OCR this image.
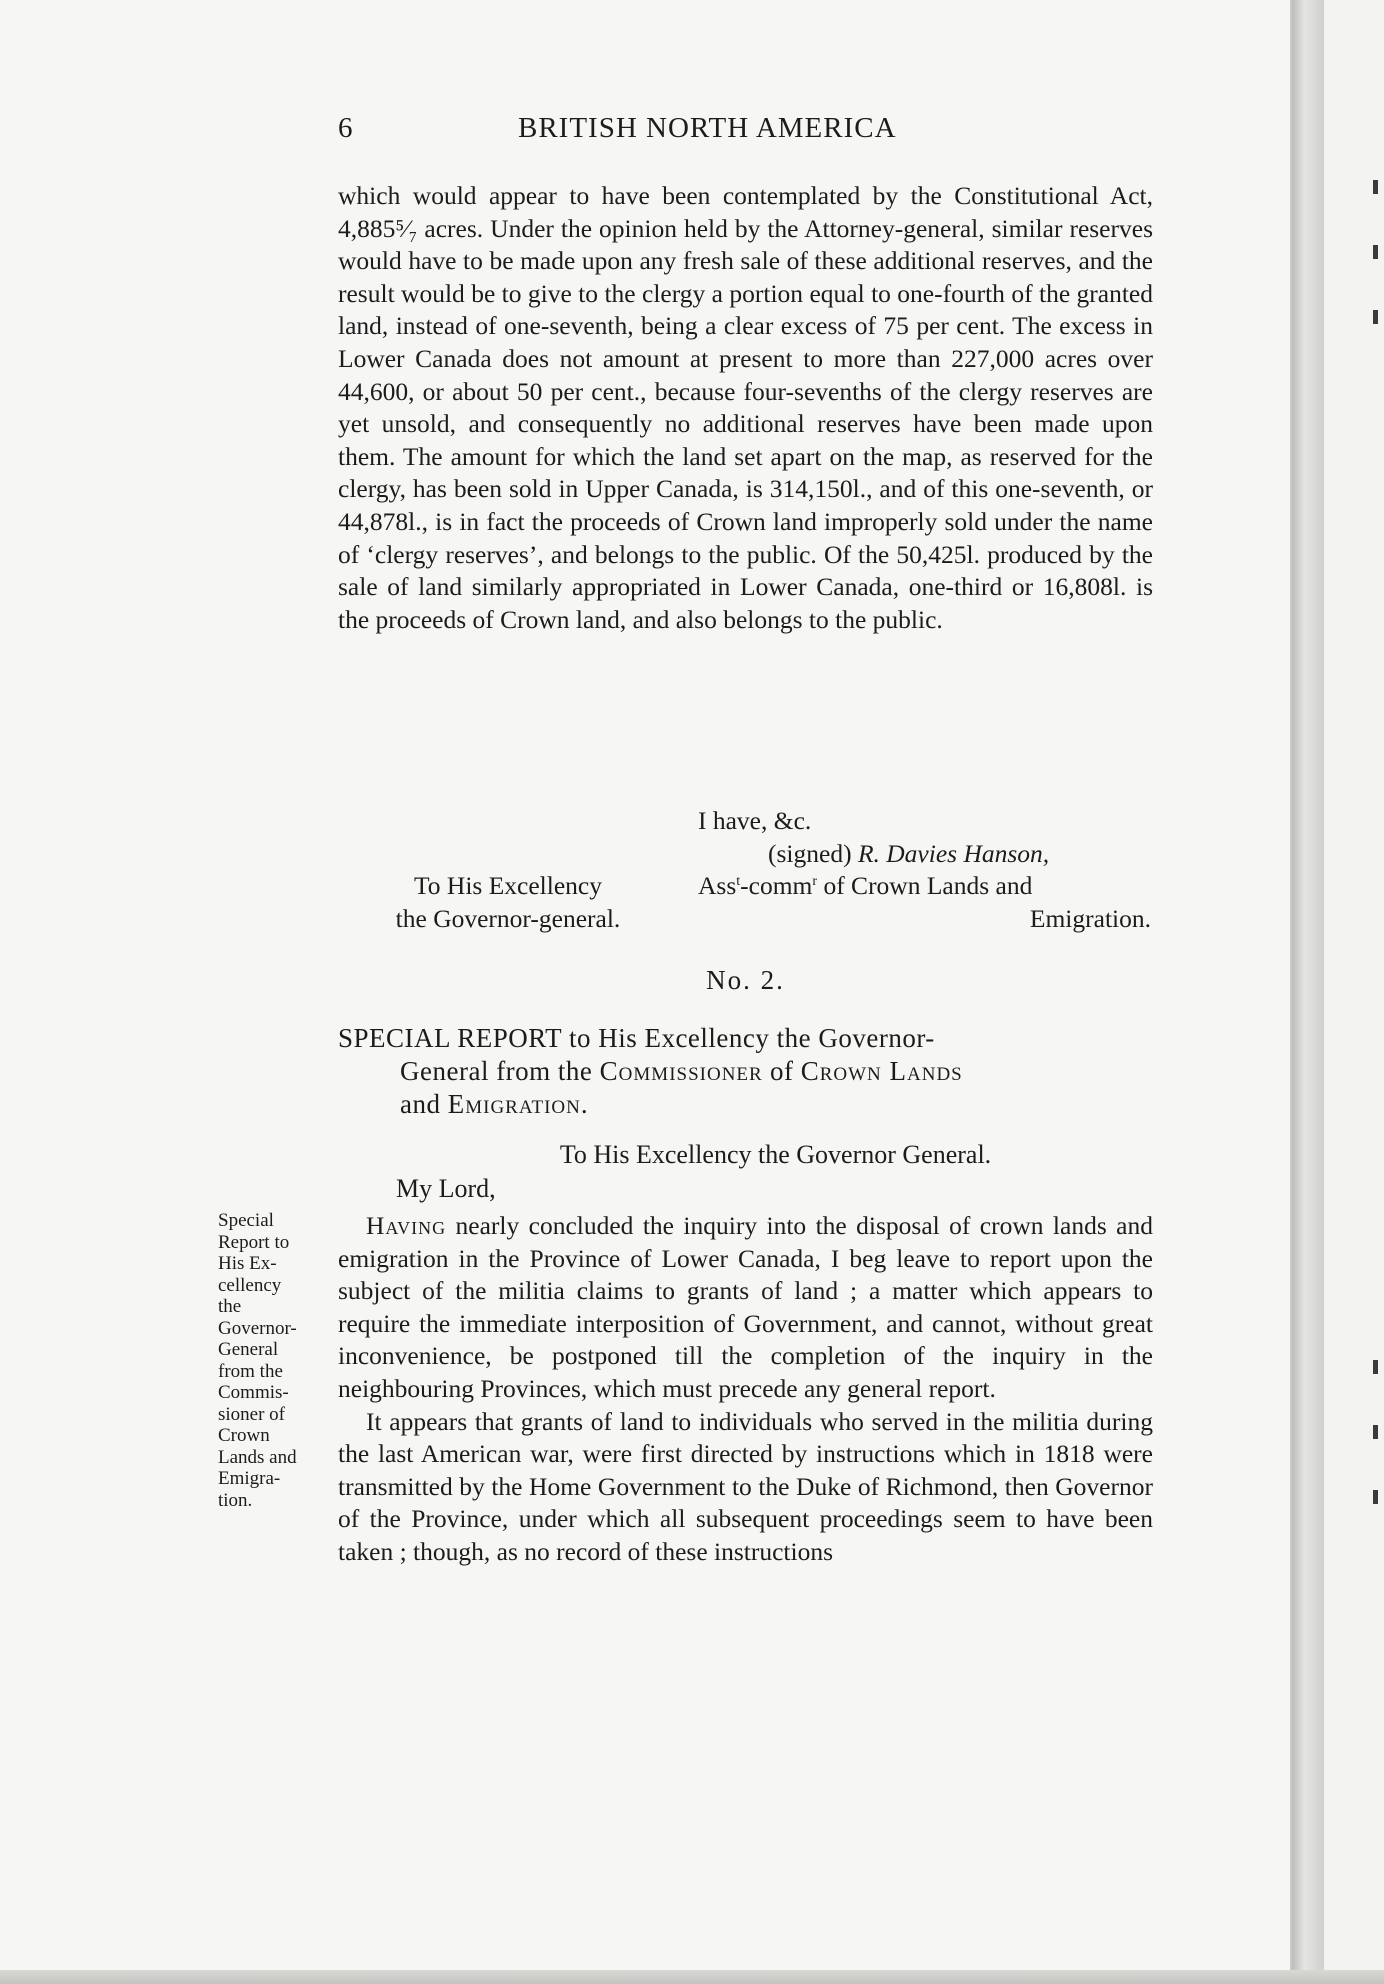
6	BRITISH NORTH AMERICA
which would appear to have been contemplated by the Constitutional Act, 4,885⁵⁄₇ acres. Under the opinion held by the Attorney-general, similar reserves would have to be made upon any fresh sale of these additional reserves, and the result would be to give to the clergy a portion equal to one-fourth of the granted land, instead of one-seventh, being a clear excess of 75 per cent. The excess in Lower Canada does not amount at present to more than 227,000 acres over 44,600, or about 50 per cent., because four-sevenths of the clergy reserves are yet unsold, and consequently no additional reserves have been made upon them. The amount for which the land set apart on the map, as reserved for the clergy, has been sold in Upper Canada, is 314,150l., and of this one-seventh, or 44,878l., is in fact the proceeds of Crown land improperly sold under the name of ‘clergy reserves’, and belongs to the public. Of the 50,425l. produced by the sale of land similarly appropriated in Lower Canada, one-third or 16,808l. is the proceeds of Crown land, and also belongs to the public.
I have, &c.
(signed) R. Davies Hanson,
Ass$^t$-comm$^r$ of Crown Lands and
Emigration.
To His Excellency
the Governor-general.
No. 2.
SPECIAL REPORT to His Excellency the Governor-
General from the Commissioner of Crown Lands
and Emigration.
To His Excellency the Governor General.
My Lord,
Special
Report to
His Ex-
cellency
the
Governor-
General
from the
Commis-
sioner of
Crown
Lands and
Emigra-
tion.

Having nearly concluded the inquiry into the disposal of crown lands and emigration in the Province of Lower Canada, I beg leave to report upon the subject of the militia claims to grants of land ; a matter which appears to require the immediate interposition of Government, and cannot, without great inconvenience, be postponed till the completion of the inquiry in the neighbouring Provinces, which must precede any general report.

It appears that grants of land to individuals who served in the militia during the last American war, were first directed by instructions which in 1818 were transmitted by the Home Government to the Duke of Richmond, then Governor of the Province, under which all subsequent proceedings seem to have been taken ; though, as no record of these instructions
